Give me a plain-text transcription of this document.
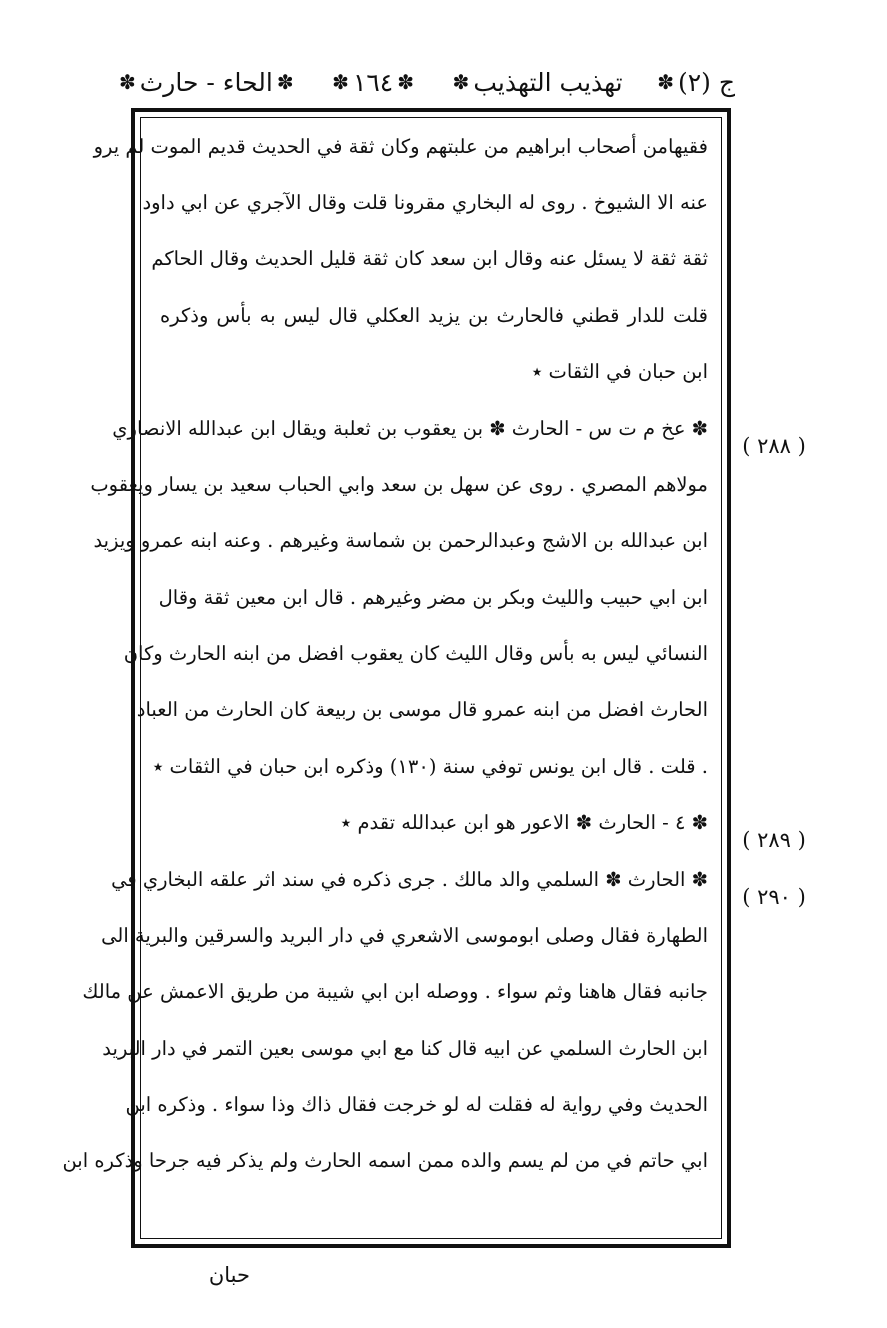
ج (٢)
✽
تهذيب التهذيب
✽
✽
١٦٤
✽
✽
الحاء - حارث
✽
فقيهامن أصحاب ابراهيم من علبتهم وكان ثقة في الحديث قديم الموت لم يرو
عنه الا الشيوخ . روى له البخاري مقرونا قلت وقال الآجري عن ابي داود
ثقة ثقة لا يسئل عنه وقال ابن سعد كان ثقة قليل الحديث وقال الحاكم
قلت للدار قطني فالحارث بن يزيد العكلي قال ليس به بأس وذكره
ابن حبان في الثقات ٭
✽ عخ م ت س - الحارث ✽ بن يعقوب بن ثعلبة ويقال ابن عبدالله الانصاري
مولاهم المصري . روى عن سهل بن سعد وابي الحباب سعيد بن يسار ويعقوب
ابن عبدالله بن الاشج وعبدالرحمن بن شماسة وغيرهم . وعنه ابنه عمرو ويزيد
ابن ابي حبيب والليث وبكر بن مضر وغيرهم . قال ابن معين ثقة وقال
النسائي ليس به بأس وقال الليث كان يعقوب افضل من ابنه الحارث وكان
الحارث افضل من ابنه عمرو قال موسى بن ربيعة كان الحارث من العباد
. قلت . قال ابن يونس توفي سنة (١٣٠) وذكره ابن حبان في الثقات ٭
✽ ٤ - الحارث ✽ الاعور هو ابن عبدالله تقدم ٭
✽ الحارث ✽ السلمي والد مالك . جرى ذكره في سند اثر علقه البخاري في
الطهارة فقال وصلى ابوموسى الاشعري في دار البريد والسرقين والبرية الى
جانبه فقال هاهنا وثم سواء . ووصله ابن ابي شيبة من طريق الاعمش عن مالك
ابن الحارث السلمي عن ابيه قال كنا مع ابي موسى بعين التمر في دار البريد
الحديث وفي رواية له فقلت له لو خرجت فقال ذاك وذا سواء . وذكره ابن
ابي حاتم في من لم يسم والده ممن اسمه الحارث ولم يذكر فيه جرحا وذكره ابن
( ٢٨٨ )
( ٢٨٩ )
( ٢٩٠ )
حبان
